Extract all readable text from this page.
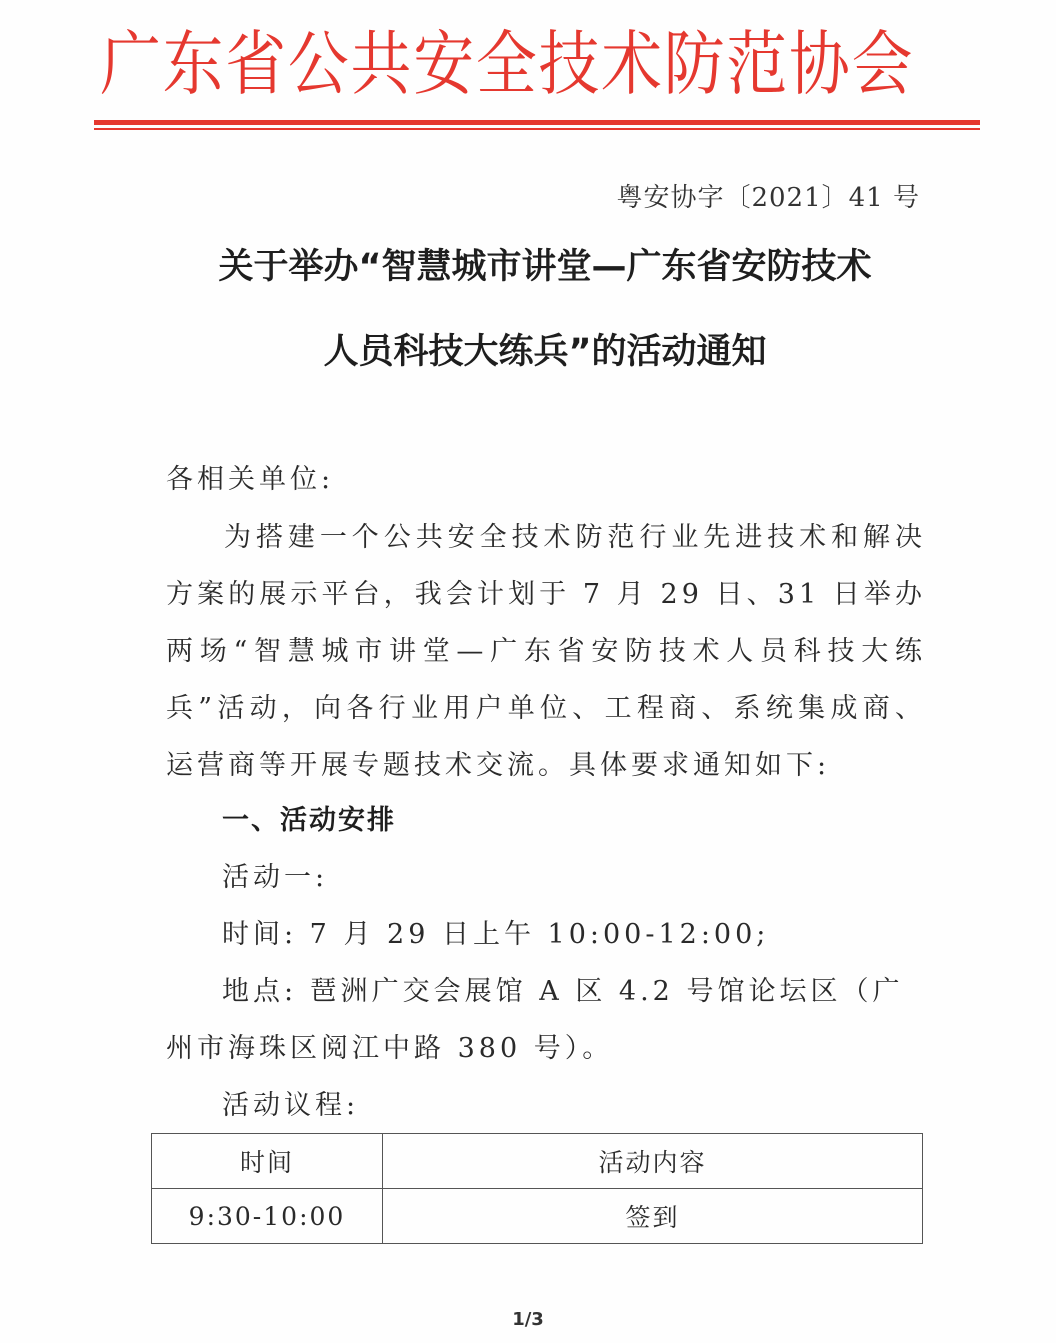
广东省公共安全技术防范协会
粤安协字〔2021〕41 号
关于举办“智慧城市讲堂—广东省安防技术
人员科技大练兵”的活动通知
各相关单位:
为搭建一个公共安全技术防范行业先进技术和解决方案的展示平台，我会计划于 7 月 29 日、31 日举办两场“智慧城市讲堂—广东省安防技术人员科技大练兵”活动，向各行业用户单位、工程商、系统集成商、运营商等开展专题技术交流。具体要求通知如下:
一、活动安排
活动一:
时间: 7 月 29 日上午 10:00-12:00;
地点: 琶洲广交会展馆 A 区 4.2 号馆论坛区（广州市海珠区阅江中路 380 号）。
活动议程:
时间	活动内容
9:30-10:00	签到
1/3
